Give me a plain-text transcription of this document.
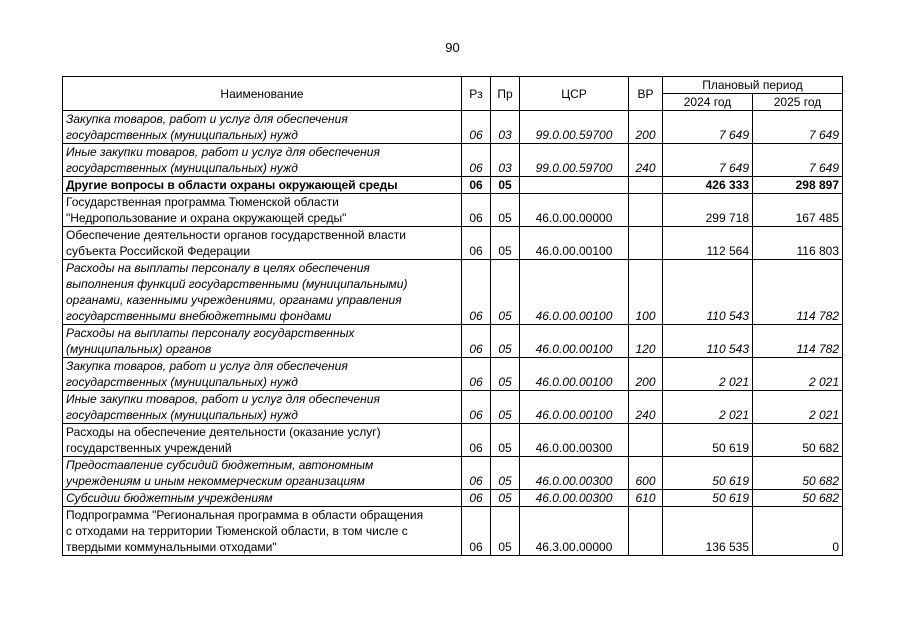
90
Наименование	Рз	Пр	ЦСР	ВР	Плановый период	
					2024 год	2025 год

Закупка товаров, работ и услуг для обеспечения
государственных (муниципальных) нужд	06	03	99.0.00.59700	200	7 649	7 649

Иные закупки товаров, работ и услуг для обеспечения
государственных (муниципальных) нужд	06	03	99.0.00.59700	240	7 649	7 649

Другие вопросы в области охраны окружающей среды	06	05			426 333	298 897

Государственная программа Тюменской области
"Недропользование и охрана окружающей среды"	06	05	46.0.00.00000		299 718	167 485

Обеспечение деятельности органов государственной власти
субъекта Российской Федерации	06	05	46.0.00.00100		112 564	116 803

Расходы на выплаты персоналу в целях обеспечения
выполнения функций государственными (муниципальными)
органами, казенными учреждениями, органами управления
государственными внебюджетными фондами	06	05	46.0.00.00100	100	110 543	114 782

Расходы на выплаты персоналу государственных
(муниципальных) органов	06	05	46.0.00.00100	120	110 543	114 782

Закупка товаров, работ и услуг для обеспечения
государственных (муниципальных) нужд	06	05	46.0.00.00100	200	2 021	2 021

Иные закупки товаров, работ и услуг для обеспечения
государственных (муниципальных) нужд	06	05	46.0.00.00100	240	2 021	2 021

Расходы на обеспечение деятельности (оказание услуг)
государственных учреждений	06	05	46.0.00.00300		50 619	50 682

Предоставление субсидий бюджетным, автономным
учреждениям и иным некоммерческим организациям	06	05	46.0.00.00300	600	50 619	50 682

Субсидии бюджетным учреждениям	06	05	46.0.00.00300	610	50 619	50 682

Подпрограмма "Региональная программа в области обращения
с отходами на территории Тюменской области, в том числе с
твердыми коммунальными отходами"	06	05	46.3.00.00000		136 535	0
